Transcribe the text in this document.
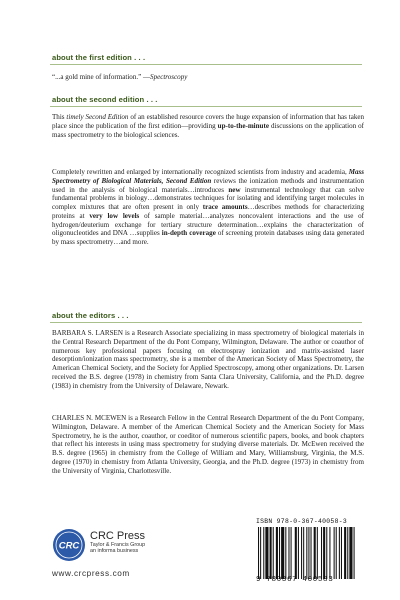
about the first edition . . .
“...a gold mine of information.” —Spectroscopy
about the second edition . . .
This timely Second Edition of an established resource covers the huge expansion of information that has taken place since the publication of the first edition—providing up-to-the-minute discussions on the application of mass spectrometry to the biological sciences.
Completely rewritten and enlarged by internationally recognized scientists from industry and academia, Mass Spectrometry of Biological Materials, Second Edition reviews the ionization methods and instrumentation used in the analysis of biological materials…introduces new instrumental technology that can solve fundamental problems in biology…demonstrates techniques for isolating and identifying target molecules in complex mixtures that are often present in only trace amounts…describes methods for characterizing proteins at very low levels of sample material…analyzes noncovalent interactions and the use of hydrogen/deuterium exchange for tertiary structure determination…explains the characterization of oligonucleotides and DNA …supplies in-depth coverage of screening protein databases using data generated by mass spectrometry…and more.
about the editors . . .
BARBARA S. LARSEN is a Research Associate specializing in mass spectrometry of biological materials in the Central Research Department of the du Pont Company, Wilmington, Delaware. The author or coauthor of numerous key professional papers focusing on electrospray ionization and matrix-assisted laser desorption/ionization mass spectrometry, she is a member of the American Society of Mass Spectrometry, the American Chemical Society, and the Society for Applied Spectroscopy, among other organizations. Dr. Larsen received the B.S. degree (1978) in chemistry from Santa Clara University, California, and the Ph.D. degree (1983) in chemistry from the University of Delaware, Newark.
CHARLES N. MCEWEN is a Research Fellow in the Central Research Department of the du Pont Company, Wilmington, Delaware. A member of the American Chemical Society and the American Society for Mass Spectrometry, he is the author, coauthor, or coeditor of numerous scientific papers, books, and book chapters that reflect his interests in using mass spectrometry for studying diverse materials. Dr. McEwen received the B.S. degree (1965) in chemistry from the College of William and Mary, Williamsburg, Virginia, the M.S. degree (1970) in chemistry from Atlanta University, Georgia, and the Ph.D. degree (1973) in chemistry from the University of Virginia, Charlottesville.
CRC
CRC Press
Taylor & Francis Group
an informa business
www.crcpress.com
ISBN 978-0-367-40058-3
9 780367 400583
